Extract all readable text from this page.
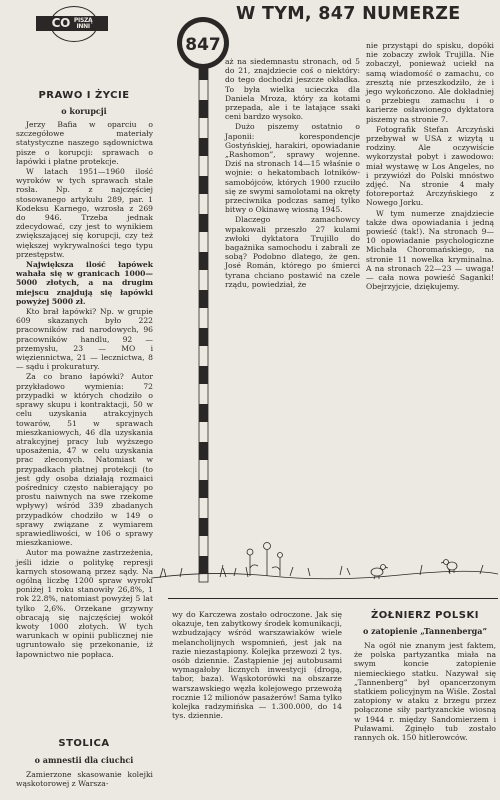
CO PISZĄ
INNI
W TYM, 847 NUMERZE
847
PRAWO I ŻYCIE
o korupcji

Jerzy Bafia w oparciu o szczegółowe materiały statystyczne naszego sądownictwa pisze o korupcji: sprawach o łapówki i płatne protekcje.

W latach 1951—1960 ilość wyroków w tych sprawach stale rosła. Np. z najczęściej stosowanego artykułu 289, par. 1 Kodeksu Karnego, wzrosła z 269 do 946. Trzeba jednak zdecydować, czy jest to wynikiem zwiększającej się korupcji, czy też większej wykrywalności tego typu przestępstw.

Największa ilość łapówek wahała się w granicach 1000—5000 złotych, a na drugim miejscu znajdują się łapówki powyżej 5000 zł.

Kto brał łapówki? Np. w grupie 609 skazanych było 222 pracowników rad narodowych, 96 pracowników handlu, 92 — przemysłu, 23 — MO i więziennictwa, 21 — lecznictwa, 8 — sądu i prokuratury.

Za co brano łapówki? Autor przykładowo wymienia: 72 przypadki w których chodziło o sprawy skupu i kontraktacji, 50 w celu uzyskania atrakcyjnych towarów, 51 w sprawach mieszkaniowych, 46 dla uzyskania atrakcyjnej pracy lub wyższego uposażenia, 47 w celu uzyskania prac zleconych. Natomiast w przypadkach płatnej protekcji (to jest gdy osoba działają rozmaici pośrednicy często nabierający po prostu naiwnych na swe rzekome wpływy) wśród 339 zbadanych przypadków chodziło w 149 o sprawy związane z wymiarem sprawiedliwości, w 106 o sprawy mieszkaniowe.

Autor ma poważne zastrzeżenia, jeśli idzie o politykę represji karnych stosowaną przez sądy. Na ogólną liczbę 1200 spraw wyroki poniżej 1 roku stanowiły 26,8%, 1 rok 22.8%, natomiast powyżej 5 lat tylko 2,6%. Orzekane grzywny obracają się najczęściej wokół kwoty 1000 złotych. W tych warunkach w opinii publicznej nie ugruntowało się przekonanie, iż łapownictwo nie popłaca.

STOLICA
o amnestii dla ciuchci

Zamierzone skasowanie kolejki wąskotorowej z Warsza-

aż na siedemnastu stronach, od 5 do 21, znajdziecie coś o niektóry: do tego dochodzi jeszcze okładka. To była wielka ucieczka dla Daniela Mroza, który za kotami przepada, ale i te latające ssaki ceni bardzo wysoko.

Dużo piszemy ostatnio o Japonii: korespondencje Gostyńskiej, harakiri, opowiadanie „Rashomon”, sprawy wojenne. Dziś na stronach 14—15 właśnie o wojnie: o hekatombach lotników-samobójców, których 1900 rzuciło się ze swymi samolotami na okręty przeciwnika podczas samej tylko bitwy o Okinawę wiosną 1945.

Dlaczego zamachowcy wpakowali przeszło 27 kulami zwłoki dyktatora Trujillo do bagażnika samochodu i zabrali ze sobą? Podobno dlatego, że gen. José Román, którego po śmierci tyrana chciano postawić na czele rządu, powiedział, że

nie przystąpi do spisku, dopóki nie zobaczy zwłok Trujilla. Nie zobaczył, ponieważ uciekł na samą wiadomość o zamachu, co zresztą nie przeszkodziło, że i jego wykończono. Ale dokładniej o przebiegu zamachu i o karierze osławionego dyktatora piszemy na stronie 7.

Fotografik Stefan Arczyński przebywał w USA z wizytą u rodziny. Ale oczywiście wykorzystał pobyt i zawodowo: miał wystawę w Los Angeles, no i przywiózł do Polski mnóstwo zdjęć. Na stronie 4 mały fotoreportaż Arczyńskiego z Nowego Jorku.

W tym numerze znajdziecie także dwa opowiadania i jedną powieść (tak!). Na stronach 9—10 opowiadanie psychologiczne Michała Choromańskiego, na stronie 11 nowelka kryminalna. A na stronach 22—23 — uwaga! — cała nowa powieść Saganki! Obejrzyjcie, dziękujemy.

wy do Karczewa zostało odroczone. Jak się okazuje, ten zabytkowy środek komunikacji, wzbudzający wśród warszawiaków wiele melancholijnych wspomnień, jest jak na razie niezastąpiony. Kolejka przewozi 2 tys. osób dziennie. Zastąpienie jej autobusami wymagałoby licznych inwestycji (drogą, tabor, baza). Wąskotorówki na obszarze warszawskiego węzła kolejowego przewożą rocznie 12 milionów pasażerów! Sama tylko kolejka radzymińska — 1.300.000, do 14 tys. dziennie.

ŻOŁNIERZ POLSKI
o zatopienie „Tannenberga”

Na ogół nie znanym jest faktem, że polska partyzantka miała na swym koncie zatopienie niemieckiego statku. Nazywał się „Tannenberg” był opancerzonym statkiem policyjnym na Wiśle. Zostal zatopiony w ataku z brzegu przez połączone siły partyzanckie wiosną w 1944 r. między Sandomierzem i Puławami. Zginęło tub zostało rannych ok. 150 hitlerowców.
